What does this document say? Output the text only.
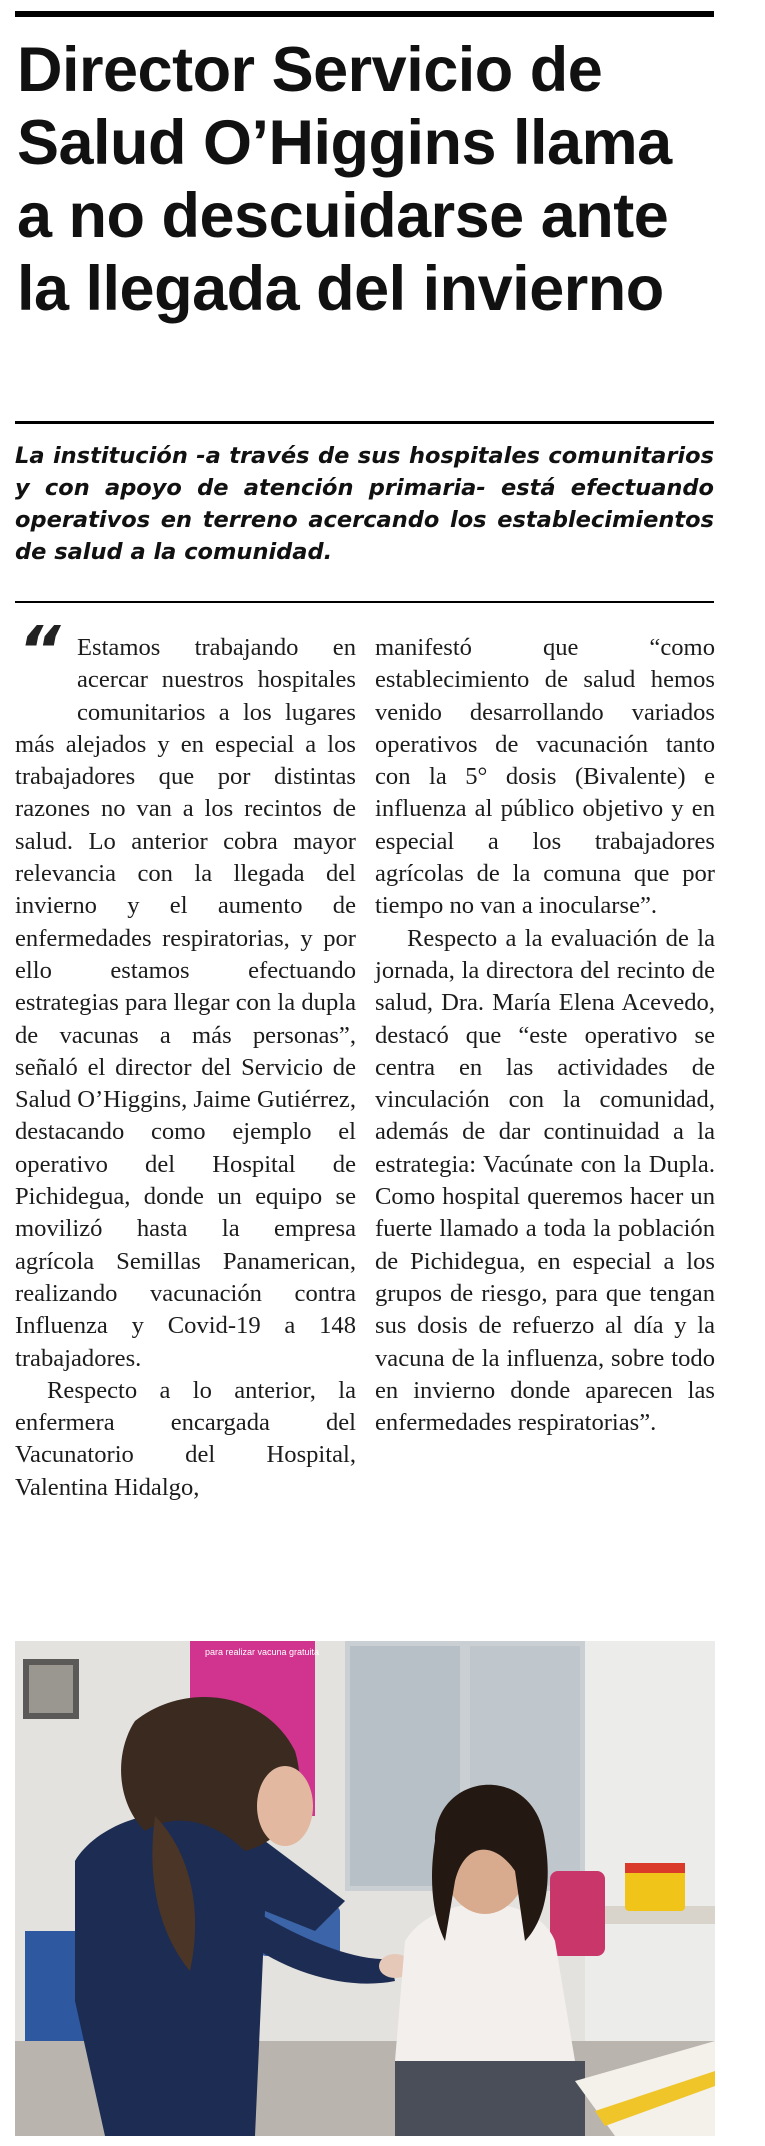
Director Servicio de Salud O’Higgins llama a no descuidarse ante la llegada del invierno

La institución -a través de sus hospitales comunitarios y con apoyo de atención primaria- está efectuando operativos en terreno acercando los establecimientos de salud a la comunidad.

“ Estamos trabajando en acercar nuestros hospitales comunitarios a los lugares más alejados y en especial a los trabajadores que por distintas razones no van a los recintos de salud. Lo anterior cobra mayor relevancia con la llegada del invierno y el aumento de enfermedades respiratorias, y por ello estamos efectuando estrategias para llegar con la dupla de vacunas a más personas”, señaló el director del Servicio de Salud O’Higgins, Jaime Gutiérrez, destacando como ejemplo el operativo del Hospital de Pichidegua, donde un equipo se movilizó hasta la empresa agrícola Semillas Panamerican, realizando vacunación contra Influenza y Covid-19 a 148 trabajadores.

Respecto a lo anterior, la enfermera encargada del Vacunatorio del Hospital, Valentina Hidalgo,

manifestó que “como establecimiento de salud hemos venido desarrollando variados operativos de vacunación tanto con la 5° dosis (Bivalente) e influenza al público objetivo y en especial a los trabajadores agrícolas de la comuna que por tiempo no van a inocularse”.

Respecto a la evaluación de la jornada, la directora del recinto de salud, Dra. María Elena Acevedo, destacó que “este operativo se centra en las actividades de vinculación con la comunidad, además de dar continuidad a la estrategia: Vacúnate con la Dupla. Como hospital queremos hacer un fuerte llamado a toda la población de Pichidegua, en especial a los grupos de riesgo, para que tengan sus dosis de refuerzo al día y la vacuna de la influenza, sobre todo en invierno donde aparecen las enfermedades respiratorias”.

para realizar vacuna gratuita
